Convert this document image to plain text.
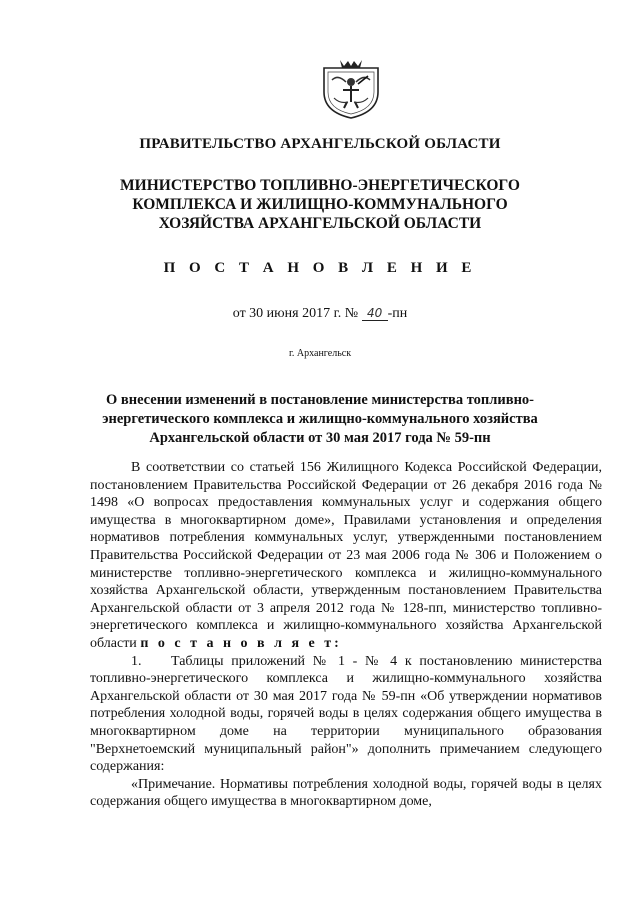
ПРАВИТЕЛЬСТВО АРХАНГЕЛЬСКОЙ ОБЛАСТИ
МИНИСТЕРСТВО ТОПЛИВНО-ЭНЕРГЕТИЧЕСКОГО
КОМПЛЕКСА И ЖИЛИЩНО-КОММУНАЛЬНОГО
ХОЗЯЙСТВА АРХАНГЕЛЬСКОЙ ОБЛАСТИ
П О С Т А Н О В Л Е Н И Е
от 30 июня 2017 г. № 40 -пн
г. Архангельск
О внесении изменений в постановление министерства топливно-
энергетического комплекса и жилищно-коммунального хозяйства
Архангельской области от 30 мая 2017 года № 59-пн

В соответствии со статьей 156 Жилищного Кодекса Российской Федерации, постановлением Правительства Российской Федерации от 26 декабря 2016 года № 1498 «О вопросах предоставления коммунальных услуг и содержания общего имущества в многоквартирном доме», Правилами установления и определения нормативов потребления коммунальных услуг, утвержденными постановлением Правительства Российской Федерации от 23 мая 2006 года № 306 и Положением о министерстве топливно-энергетического комплекса и жилищно-коммунального хозяйства Архангельской области, утвержденным постановлением Правительства Архангельской области от 3 апреля 2012 года № 128-пп, министерство топливно-энергетического комплекса и жилищно-коммунального хозяйства Архангельской области п о с т а н о в л я е т:

1. Таблицы приложений № 1 - № 4 к постановлению министерства топливно-энергетического комплекса и жилищно-коммунального хозяйства Архангельской области от 30 мая 2017 года № 59-пн «Об утверждении нормативов потребления холодной воды, горячей воды в целях содержания общего имущества в многоквартирном доме на территории муниципального образования "Верхнетоемский муниципальный район"» дополнить примечанием следующего содержания:

«Примечание. Нормативы потребления холодной воды, горячей воды в целях содержания общего имущества в многоквартирном доме,
